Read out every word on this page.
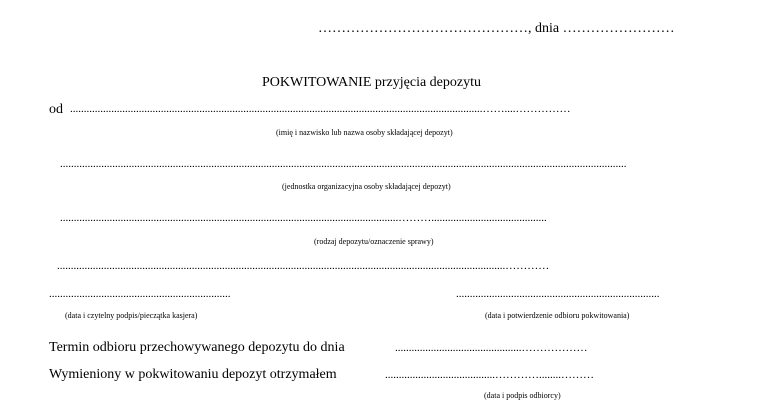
………………………………………, dnia ……………………
POKWITOWANIE przyjęcia depozytu
od ......................................................................................................................................................……....……………
(imię i nazwisko lub nazwa osoby składającej depozyt)
..............................................................................................................................................................................................................
(jednostka organizacyjna osoby składającej depozyt)
...........................................................................................................................………..........................................
(rodzaj depozytu/oznaczenie sprawy)
...................................................................................................................................................................…………
..................................................................
(data i czytelny podpis/pieczątka kasjera)
..........................................................................
(data i potwierdzenie odbioru pokwitowania)
Termin odbioru przechowywanego depozytu do dnia	..............................................………………
Wymieniony w pokwitowaniu depozyt otrzymałem	........................................…………........………
(data i podpis odbiorcy)
